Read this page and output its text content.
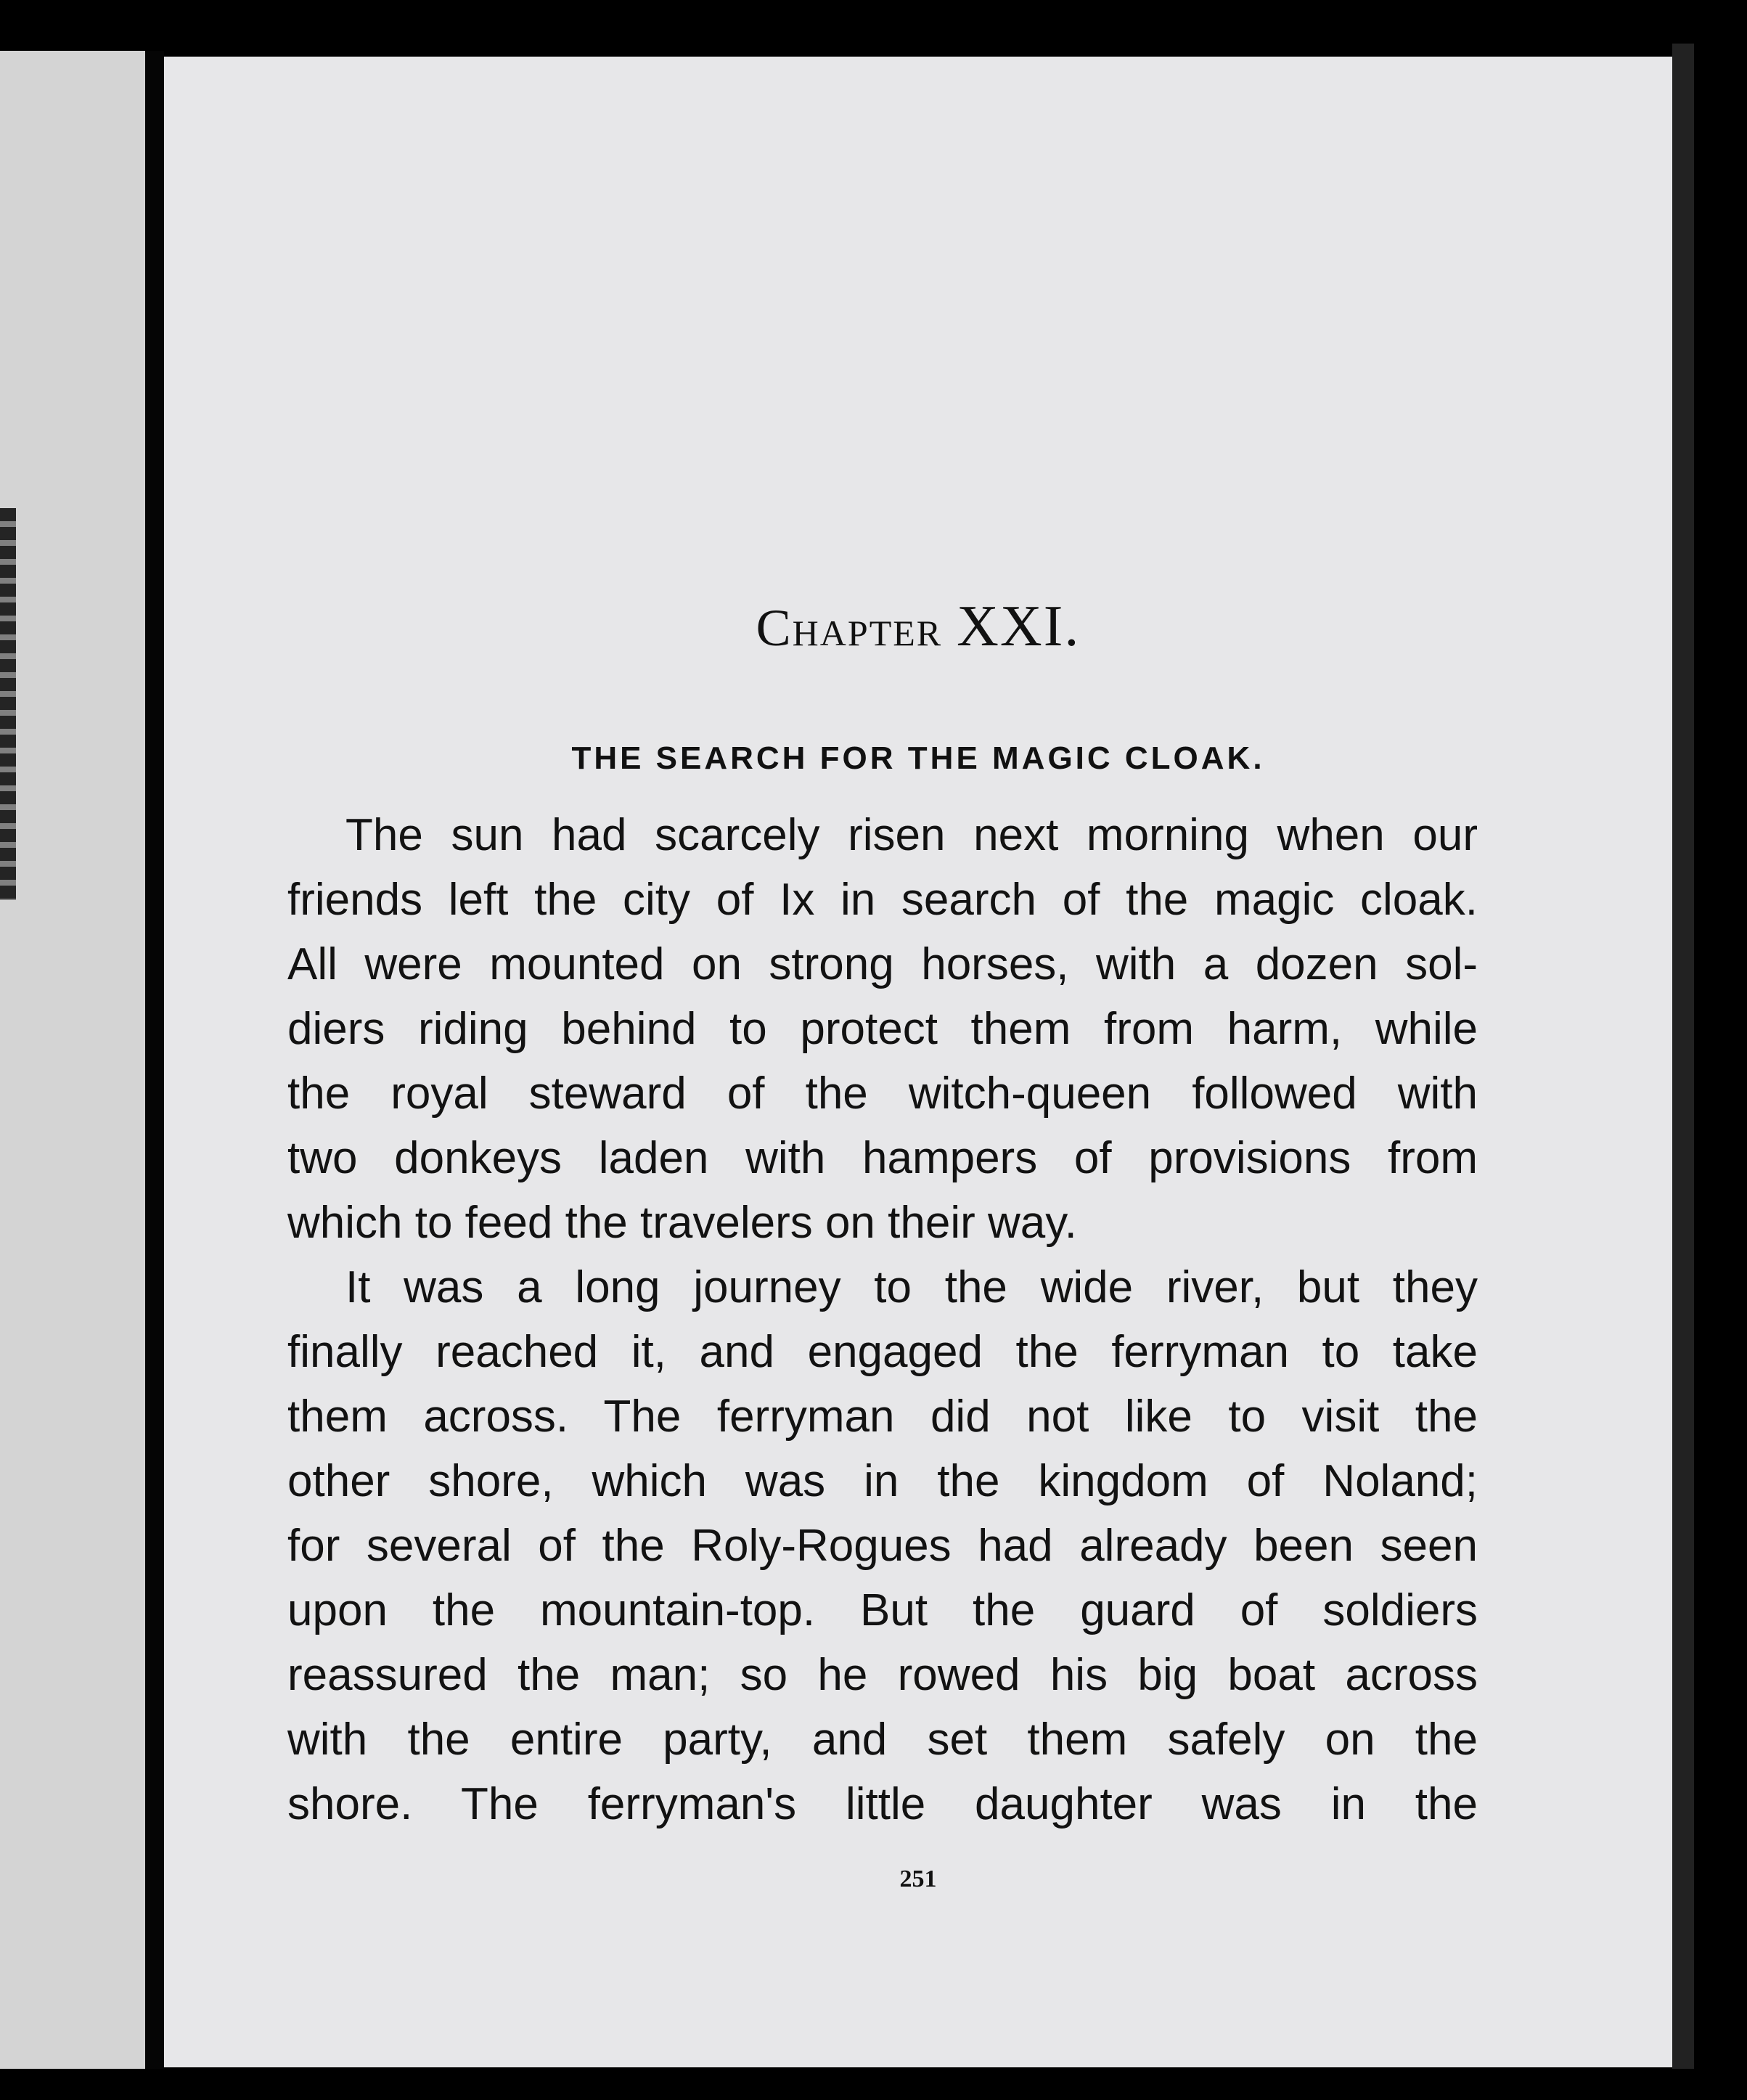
Chapter XXI.
THE SEARCH FOR THE MAGIC CLOAK.
The sun had scarcely risen next morning when our
friends left the city of Ix in search of the magic cloak.
All were mounted on strong horses, with a dozen sol-
diers riding behind to protect them from harm, while
the royal steward of the witch-queen followed with
two donkeys laden with hampers of provisions from
which to feed the travelers on their way.
It was a long journey to the wide river, but they
finally reached it, and engaged the ferryman to take
them across. The ferryman did not like to visit the
other shore, which was in the kingdom of Noland;
for several of the Roly-Rogues had already been seen
upon the mountain-top. But the guard of soldiers
reassured the man; so he rowed his big boat across
with the entire party, and set them safely on the
shore. The ferryman's little daughter was in the
251
